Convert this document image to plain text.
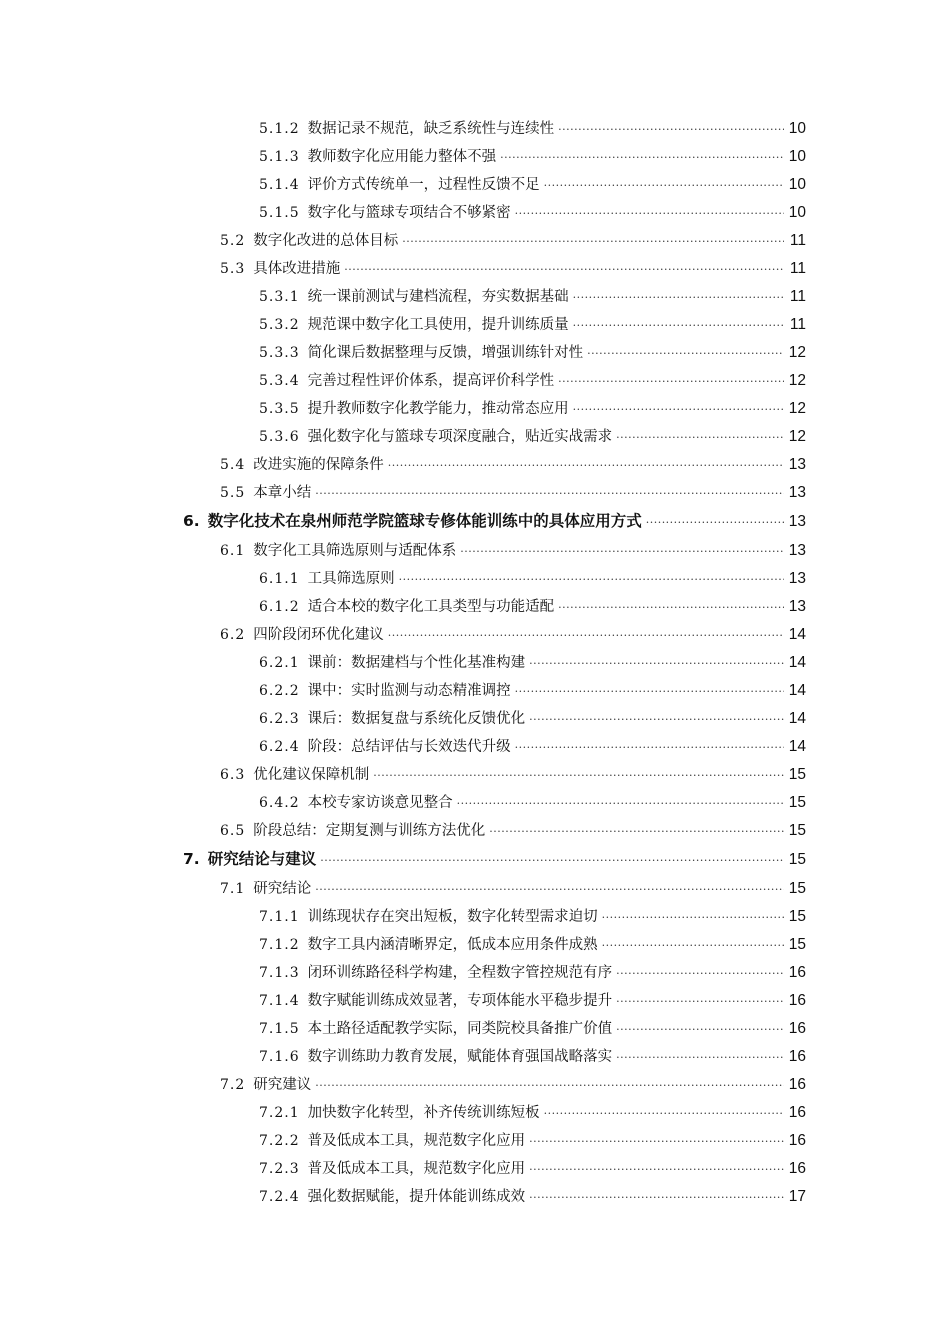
5.1.2 数据记录不规范，缺乏系统性与连续性 ·····	10
5.1.3 教师数字化应用能力整体不强 ·····	10
5.1.4 评价方式传统单一，过程性反馈不足 ·····	10
5.1.5 数字化与篮球专项结合不够紧密 ·····	10
5.2 数字化改进的总体目标 ·····	11
5.3 具体改进措施 ·····	11
5.3.1 统一课前测试与建档流程，夯实数据基础 ·····	11
5.3.2 规范课中数字化工具使用，提升训练质量 ·····	11
5.3.3 简化课后数据整理与反馈，增强训练针对性 ·····	12
5.3.4 完善过程性评价体系，提高评价科学性 ·····	12
5.3.5 提升教师数字化教学能力，推动常态应用 ·····	12
5.3.6 强化数字化与篮球专项深度融合，贴近实战需求 ·····	12
5.4 改进实施的保障条件 ·····	13
5.5 本章小结 ·····	13
6. 数字化技术在泉州师范学院篮球专修体能训练中的具体应用方式 ·····	13
6.1 数字化工具筛选原则与适配体系 ·····	13
6.1.1 工具筛选原则 ·····	13
6.1.2 适合本校的数字化工具类型与功能适配 ·····	13
6.2 四阶段闭环优化建议 ·····	14
6.2.1 课前：数据建档与个性化基准构建 ·····	14
6.2.2 课中：实时监测与动态精准调控 ·····	14
6.2.3 课后：数据复盘与系统化反馈优化 ·····	14
6.2.4 阶段：总结评估与长效迭代升级 ·····	14
6.3 优化建议保障机制 ·····	15
6.4.2 本校专家访谈意见整合 ·····	15
6.5 阶段总结：定期复测与训练方法优化 ·····	15
7. 研究结论与建议 ·····	15
7.1 研究结论 ·····	15
7.1.1 训练现状存在突出短板，数字化转型需求迫切 ·····	15
7.1.2 数字工具内涵清晰界定，低成本应用条件成熟 ·····	15
7.1.3 闭环训练路径科学构建，全程数字管控规范有序 ·····	16
7.1.4 数字赋能训练成效显著，专项体能水平稳步提升 ·····	16
7.1.5 本土路径适配教学实际，同类院校具备推广价值 ·····	16
7.1.6 数字训练助力教育发展，赋能体育强国战略落实 ·····	16
7.2 研究建议 ·····	16
7.2.1 加快数字化转型，补齐传统训练短板 ·····	16
7.2.2 普及低成本工具，规范数字化应用 ·····	16
7.2.3 普及低成本工具，规范数字化应用 ·····	16
7.2.4 强化数据赋能，提升体能训练成效 ·····	17
